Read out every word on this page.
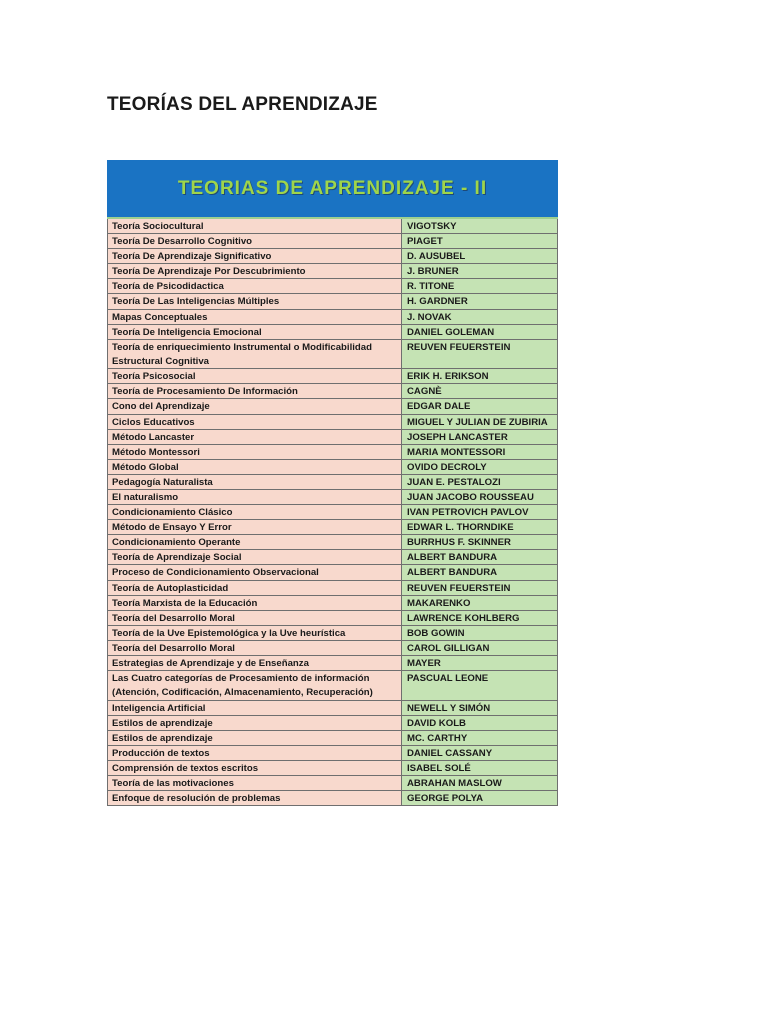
TEORÍAS DEL APRENDIZAJE
TEORIAS DE APRENDIZAJE - II
Teoría Sociocultural	VIGOTSKY
Teoría De Desarrollo Cognitivo	PIAGET
Teoría De Aprendizaje Significativo	D. AUSUBEL
Teoría De Aprendizaje Por Descubrimiento	J. BRUNER
Teoría de Psicodidactica	R. TITONE
Teoría De Las Inteligencias Múltiples	H. GARDNER
Mapas Conceptuales	J. NOVAK
Teoría De Inteligencia Emocional	DANIEL GOLEMAN
Teoría de enriquecimiento Instrumental o Modificabilidad Estructural Cognitiva
REUVEN FEUERSTEIN
Teoría Psicosocial	ERIK H. ERIKSON
Teoría de Procesamiento De Información	CAGNÈ
Cono del Aprendizaje	EDGAR DALE
Ciclos Educativos	MIGUEL Y JULIAN DE ZUBIRIA
Método Lancaster	JOSEPH LANCASTER
Método Montessori	MARIA MONTESSORI
Método Global	OVIDO DECROLY
Pedagogía Naturalista	JUAN E. PESTALOZI
El naturalismo	JUAN JACOBO ROUSSEAU
Condicionamiento Clásico	IVAN PETROVICH PAVLOV
Método de Ensayo Y Error	EDWAR L. THORNDIKE
Condicionamiento Operante	BURRHUS F. SKINNER
Teoría de Aprendizaje Social	ALBERT BANDURA
Proceso de Condicionamiento Observacional	ALBERT BANDURA
Teoría de Autoplasticidad	REUVEN FEUERSTEIN
Teoría Marxista de la Educación	MAKARENKO
Teoría del Desarrollo Moral	LAWRENCE KOHLBERG
Teoría de la Uve Epistemológica y la Uve heurística	BOB GOWIN
Teoría del Desarrollo Moral	CAROL GILLIGAN
Estrategias de Aprendizaje y de Enseñanza	MAYER
Las Cuatro categorías de Procesamiento de información (Atención, Codificación, Almacenamiento, Recuperación)
PASCUAL LEONE
Inteligencia Artificial	NEWELL Y SIMÓN
Estilos de aprendizaje	DAVID KOLB
Estilos de aprendizaje	MC. CARTHY
Producción de textos	DANIEL CASSANY
Comprensión de textos escritos	ISABEL SOLÉ
Teoría de las motivaciones	ABRAHAN MASLOW
Enfoque de resolución de problemas	GEORGE POLYA
